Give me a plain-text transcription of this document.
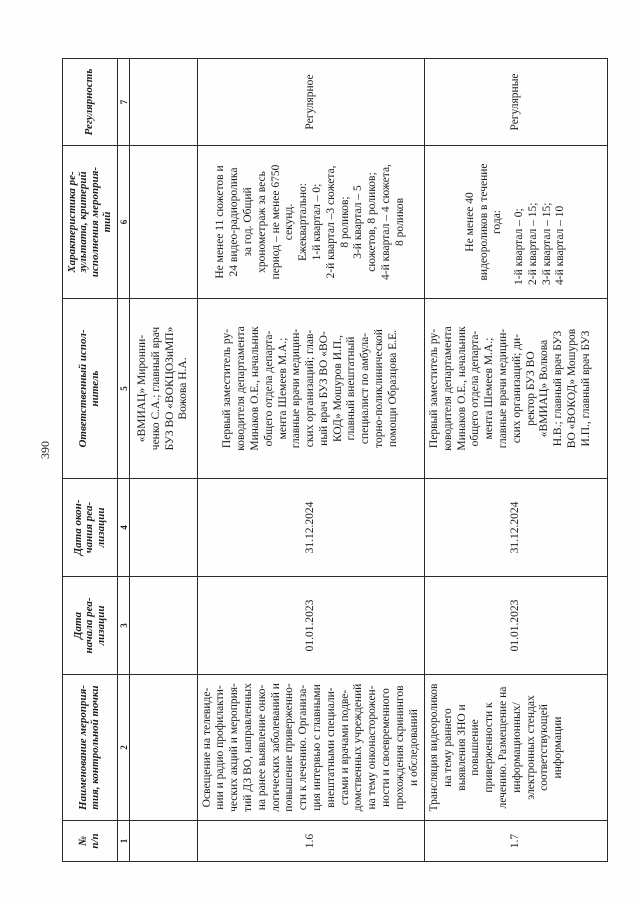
390
№
п/п
Наименование мероприя-
тия, контрольной точки
Дата
начала реа-
лизации
Дата окон-
чания реа-
лизации
Ответственный испол-
нитель
Характеристика ре-
зультата, критерий
исполнения мероприя-
тий
Регулярность
1
2
3
4
5
6
7
«ВМИАЦ» Миронни-
ченко С.А.; главный врач
БУЗ ВО «ВОКЦОЗиМП»
Вожова Н.А.
1.6
Освещение на телевиде-
нии и радио профилакти-
ческих акций и мероприя-
тий ДЗ ВО, направленных
на ранее выявление онко-
логических заболеваний и
повышение приверженно-
сти к лечению. Организа-
ция интервью с главными
внештатными специали-
стами и врачами подве-
домственных учреждений
на тему онконасторожен-
ности и своевременного
прохождения скринингов
и обследований
01.01.2023
31.12.2024
Первый заместитель ру-
ководителя департамента
Минаков О.Е., начальник
общего отдела департа-
мента Шемеев М.А.;
главные врачи медицин-
ских организаций; глав-
ный врач БУЗ ВО «ВО-
КОД» Мошуров И.П.,
главный внештатный
специалист по амбула-
торно-поликлинической
помощи Образцова Е.Е.
Не менее 11 сюжетов и
24 видео-радиоролика
за год. Общий
хронометраж за весь
период – не менее 6750
секунд.
Ежеквартально:
1-й квартал – 0;
2-й квартал –3 сюжета,
8 роликов;
3-й квартал – 5
сюжетов, 8 роликов;
4-й квартал – 4 сюжета,
8 роликов
Регулярное
1.7
Трансляция видеороликов
на тему раннего
выявления ЗНО и
повышение
приверженности к
лечению. Размещение на
информационных/
электронных стендах
соответствующей
информации
01.01.2023
31.12.2024
Первый заместитель ру-
ководителя департамента
Минаков О.Е., начальник
общего отдела департа-
мента Шемеев М.А.;
главные врачи медицин-
ских организаций; ди-
ректор БУЗ ВО
«ВМИАЦ» Волкова
Н.В.; главный врач БУЗ
ВО «ВОКОД» Мошуров
И.П., главный врач БУЗ
Не менее 40
видеороликов в течение
года:
1-й квартал – 0;
2-й квартал – 15;
3-й квартал – 15;
4-й квартал – 10
Регулярные
